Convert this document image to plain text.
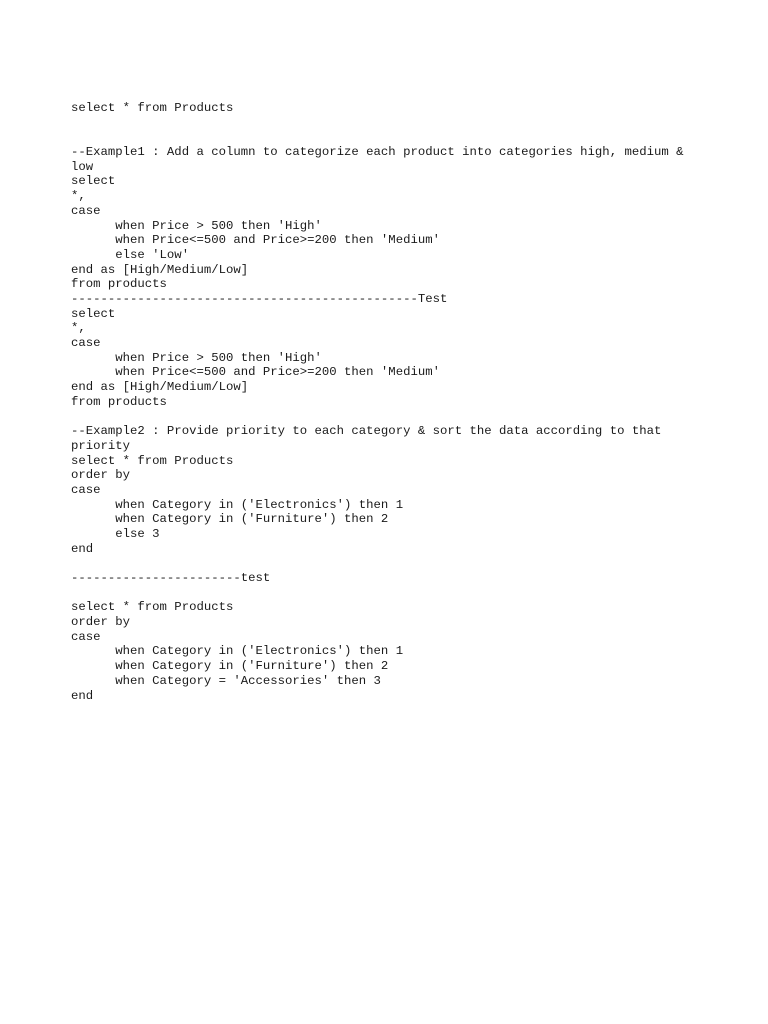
select * from Products
--Example1 : Add a column to categorize each product into categories high, medium &
low
select
*,
case
when Price > 500 then 'High'
when Price<=500 and Price>=200 then 'Medium'
else 'Low'
end as [High/Medium/Low]
from products
-----------------------------------------------Test
select
*,
case
when Price > 500 then 'High'
when Price<=500 and Price>=200 then 'Medium'
end as [High/Medium/Low]
from products
--Example2 : Provide priority to each category & sort the data according to that
priority
select * from Products
order by
case
when Category in ('Electronics') then 1
when Category in ('Furniture') then 2
else 3
end
-----------------------test
select * from Products
order by
case
when Category in ('Electronics') then 1
when Category in ('Furniture') then 2
when Category = 'Accessories' then 3
end
